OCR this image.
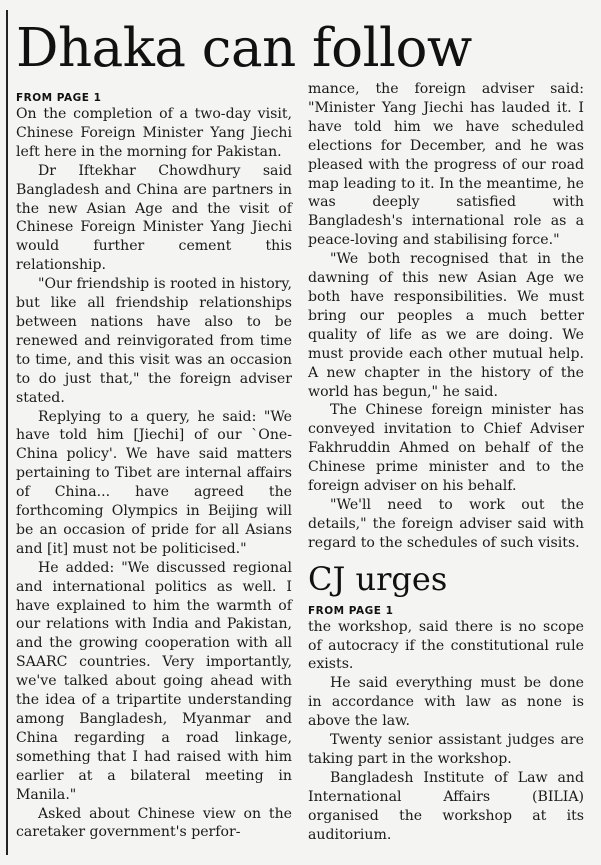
Dhaka can follow
FROM PAGE 1

On the completion of a two-day visit, Chinese Foreign Minister Yang Jiechi left here in the morning for Pakistan.

Dr Iftekhar Chowdhury said Bangladesh and China are partners in the new Asian Age and the visit of Chinese Foreign Minister Yang Jiechi would further cement this relationship.

"Our friendship is rooted in history, but like all friendship relationships between nations have also to be renewed and reinvigorated from time to time, and this visit was an occasion to do just that," the foreign adviser stated.

Replying to a query, he said: "We have told him [Jiechi] of our `One-China policy'. We have said matters pertaining to Tibet are internal affairs of China... have agreed the forthcoming Olympics in Beijing will be an occasion of pride for all Asians and [it] must not be politicised."

He added: "We discussed regional and international politics as well. I have explained to him the warmth of our relations with India and Pakistan, and the growing cooperation with all SAARC countries. Very importantly, we've talked about going ahead with the idea of a tripartite understanding among Bangladesh, Myanmar and China regarding a road linkage, something that I had raised with him earlier at a bilateral meeting in Manila."

Asked about Chinese view on the caretaker government's perfor-

mance, the foreign adviser said: "Minister Yang Jiechi has lauded it. I have told him we have scheduled elections for December, and he was pleased with the progress of our road map leading to it. In the meantime, he was deeply satisfied with Bangladesh's international role as a peace-loving and stabilising force."

"We both recognised that in the dawning of this new Asian Age we both have responsibilities. We must bring our peoples a much better quality of life as we are doing. We must provide each other mutual help. A new chapter in the history of the world has begun," he said.

The Chinese foreign minister has conveyed invitation to Chief Adviser Fakhruddin Ahmed on behalf of the Chinese prime minister and to the foreign adviser on his behalf.

"We'll need to work out the details," the foreign adviser said with regard to the schedules of such visits.

CJ urges
FROM PAGE 1

the workshop, said there is no scope of autocracy if the constitutional rule exists.

He said everything must be done in accordance with law as none is above the law.

Twenty senior assistant judges are taking part in the workshop.

Bangladesh Institute of Law and International Affairs (BILIA) organised the workshop at its auditorium.
